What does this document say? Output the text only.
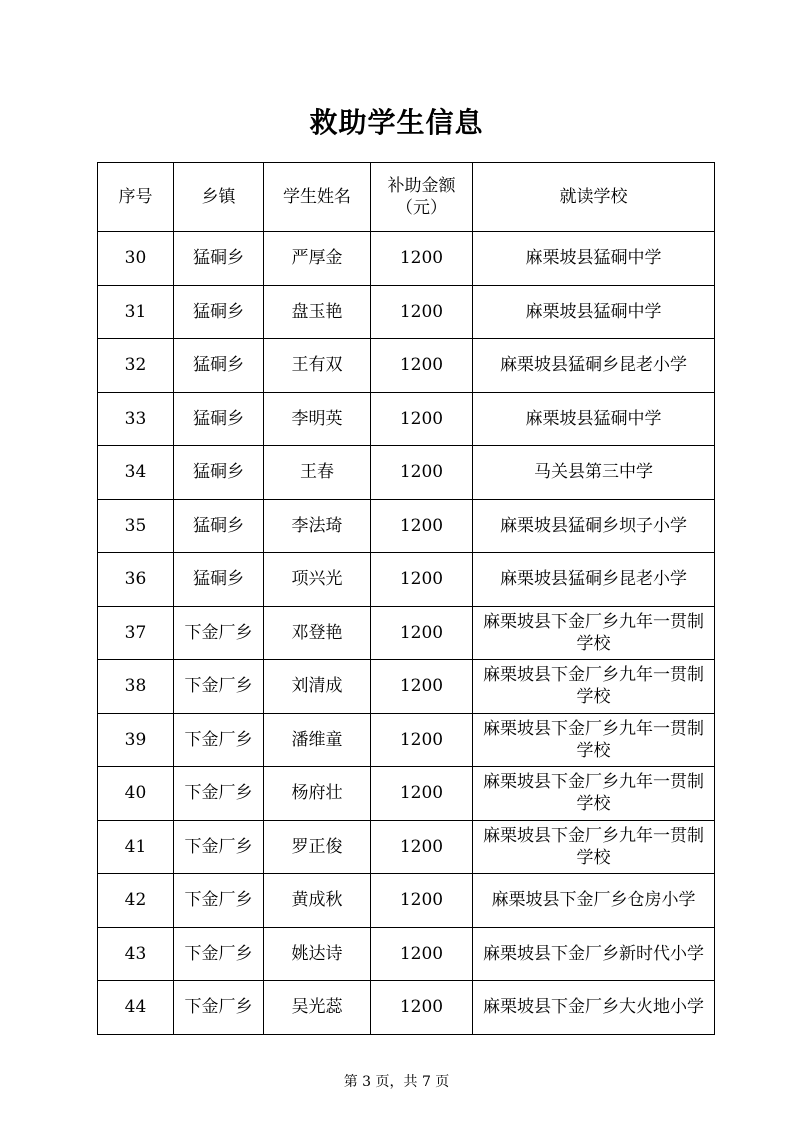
救助学生信息
序号	乡镇	学生姓名	补助金额（元）	就读学校
30	猛硐乡	严厚金	1200	麻栗坡县猛硐中学
31	猛硐乡	盘玉艳	1200	麻栗坡县猛硐中学
32	猛硐乡	王有双	1200	麻栗坡县猛硐乡昆老小学
33	猛硐乡	李明英	1200	麻栗坡县猛硐中学
34	猛硐乡	王春	1200	马关县第三中学
35	猛硐乡	李法琦	1200	麻栗坡县猛硐乡坝子小学
36	猛硐乡	项兴光	1200	麻栗坡县猛硐乡昆老小学
37	下金厂乡	邓登艳	1200	麻栗坡县下金厂乡九年一贯制学校
38	下金厂乡	刘清成	1200	麻栗坡县下金厂乡九年一贯制学校
39	下金厂乡	潘维童	1200	麻栗坡县下金厂乡九年一贯制学校
40	下金厂乡	杨府壮	1200	麻栗坡县下金厂乡九年一贯制学校
41	下金厂乡	罗正俊	1200	麻栗坡县下金厂乡九年一贯制学校
42	下金厂乡	黄成秋	1200	麻栗坡县下金厂乡仓房小学
43	下金厂乡	姚达诗	1200	麻栗坡县下金厂乡新时代小学
44	下金厂乡	吴光蕊	1200	麻栗坡县下金厂乡大火地小学
第 3 页，共 7 页
